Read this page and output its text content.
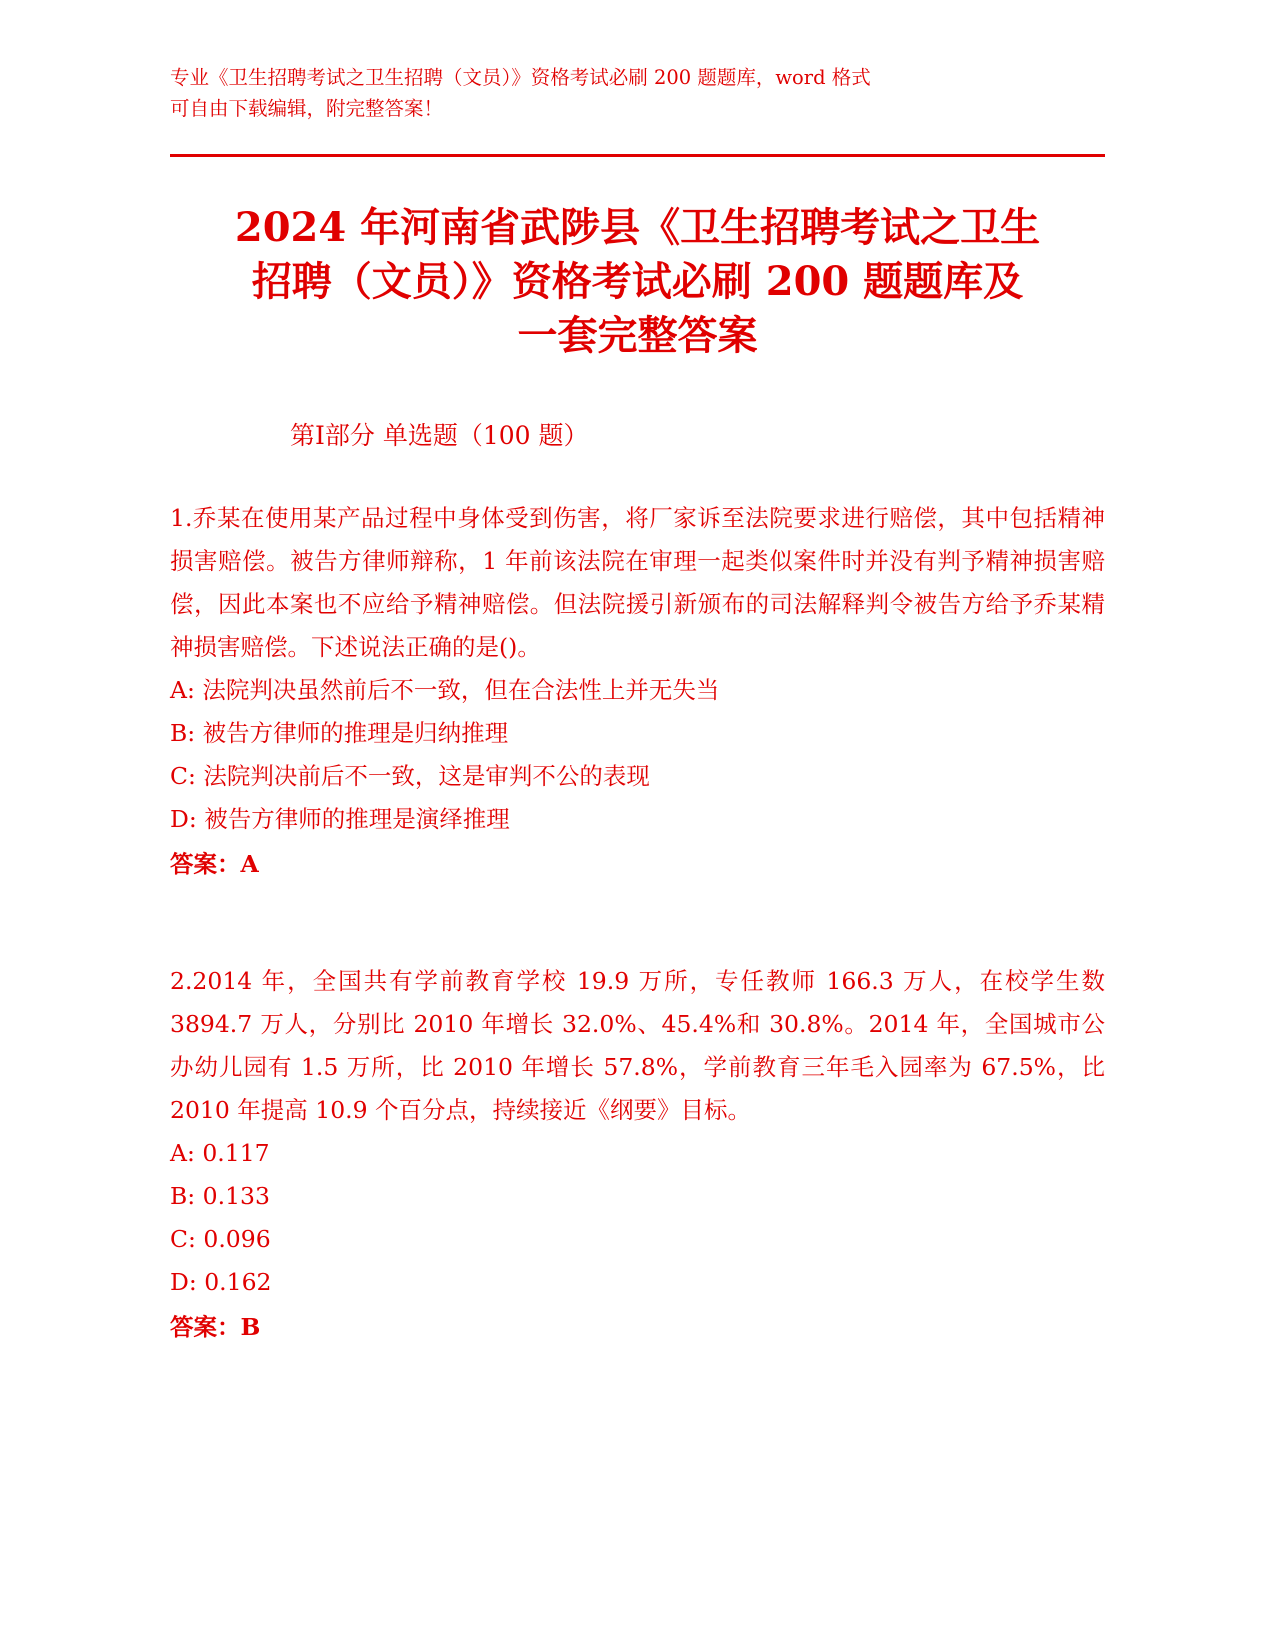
专业《卫生招聘考试之卫生招聘（文员）》资格考试必刷 200 题题库，word 格式
可自由下载编辑，附完整答案！
2024 年河南省武陟县《卫生招聘考试之卫生
招聘（文员）》资格考试必刷 200 题题库及
一套完整答案
第Ⅰ部分 单选题（100 题）

1.乔某在使用某产品过程中身体受到伤害，将厂家诉至法院要求进行赔偿，其中包括精神损害赔偿。被告方律师辩称，1 年前该法院在审理一起类似案件时并没有判予精神损害赔偿，因此本案也不应给予精神赔偿。但法院援引新颁布的司法解释判令被告方给予乔某精神损害赔偿。下述说法正确的是()。

A: 法院判决虽然前后不一致，但在合法性上并无失当
B: 被告方律师的推理是归纳推理
C: 法院判决前后不一致，这是审判不公的表现
D: 被告方律师的推理是演绎推理
答案：A

2.2014 年，全国共有学前教育学校 19.9 万所，专任教师 166.3 万人，在校学生数 3894.7 万人，分别比 2010 年增长 32.0%、45.4%和 30.8%。2014 年，全国城市公办幼儿园有 1.5 万所，比 2010 年增长 57.8%，学前教育三年毛入园率为 67.5%，比 2010 年提高 10.9 个百分点，持续接近《纲要》目标。

A: 0.117
B: 0.133
C: 0.096
D: 0.162
答案：B
